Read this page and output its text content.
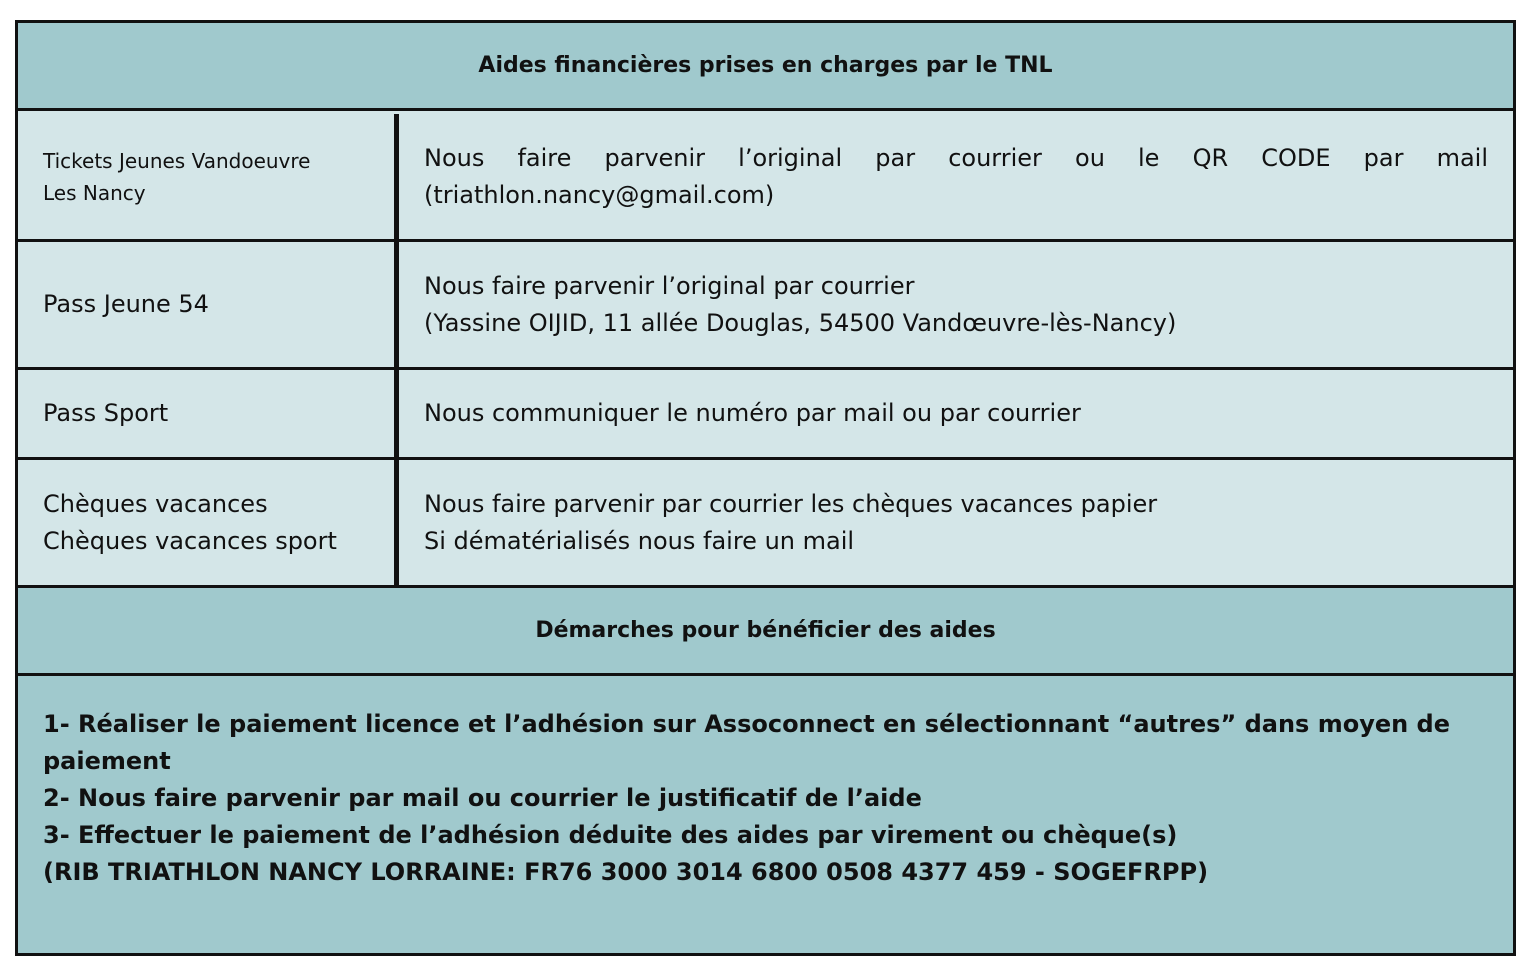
Aides financières prises en charges par le TNL
Tickets Jeunes Vandoeuvre
Les Nancy
Nous faire parvenir l’original par courrier ou le QR CODE par mail
(triathlon.nancy@gmail.com)
Pass Jeune 54
Nous faire parvenir l’original par courrier
(Yassine OIJID, 11 allée Douglas, 54500 Vandœuvre-lès-Nancy)
Pass Sport	Nous communiquer le numéro par mail ou par courrier
Chèques vacances
Chèques vacances sport
Nous faire parvenir par courrier les chèques vacances papier
Si dématérialisés nous faire un mail
Démarches pour bénéficier des aides

1- Réaliser le paiement licence et l’adhésion sur Assoconnect en sélectionnant “autres” dans moyen de paiement

2- Nous faire parvenir par mail ou courrier le justificatif de l’aide

3- Effectuer le paiement de l’adhésion déduite des aides par virement ou chèque(s)

(RIB TRIATHLON NANCY LORRAINE: FR76 3000 3014 6800 0508 4377 459 - SOGEFRPP)
